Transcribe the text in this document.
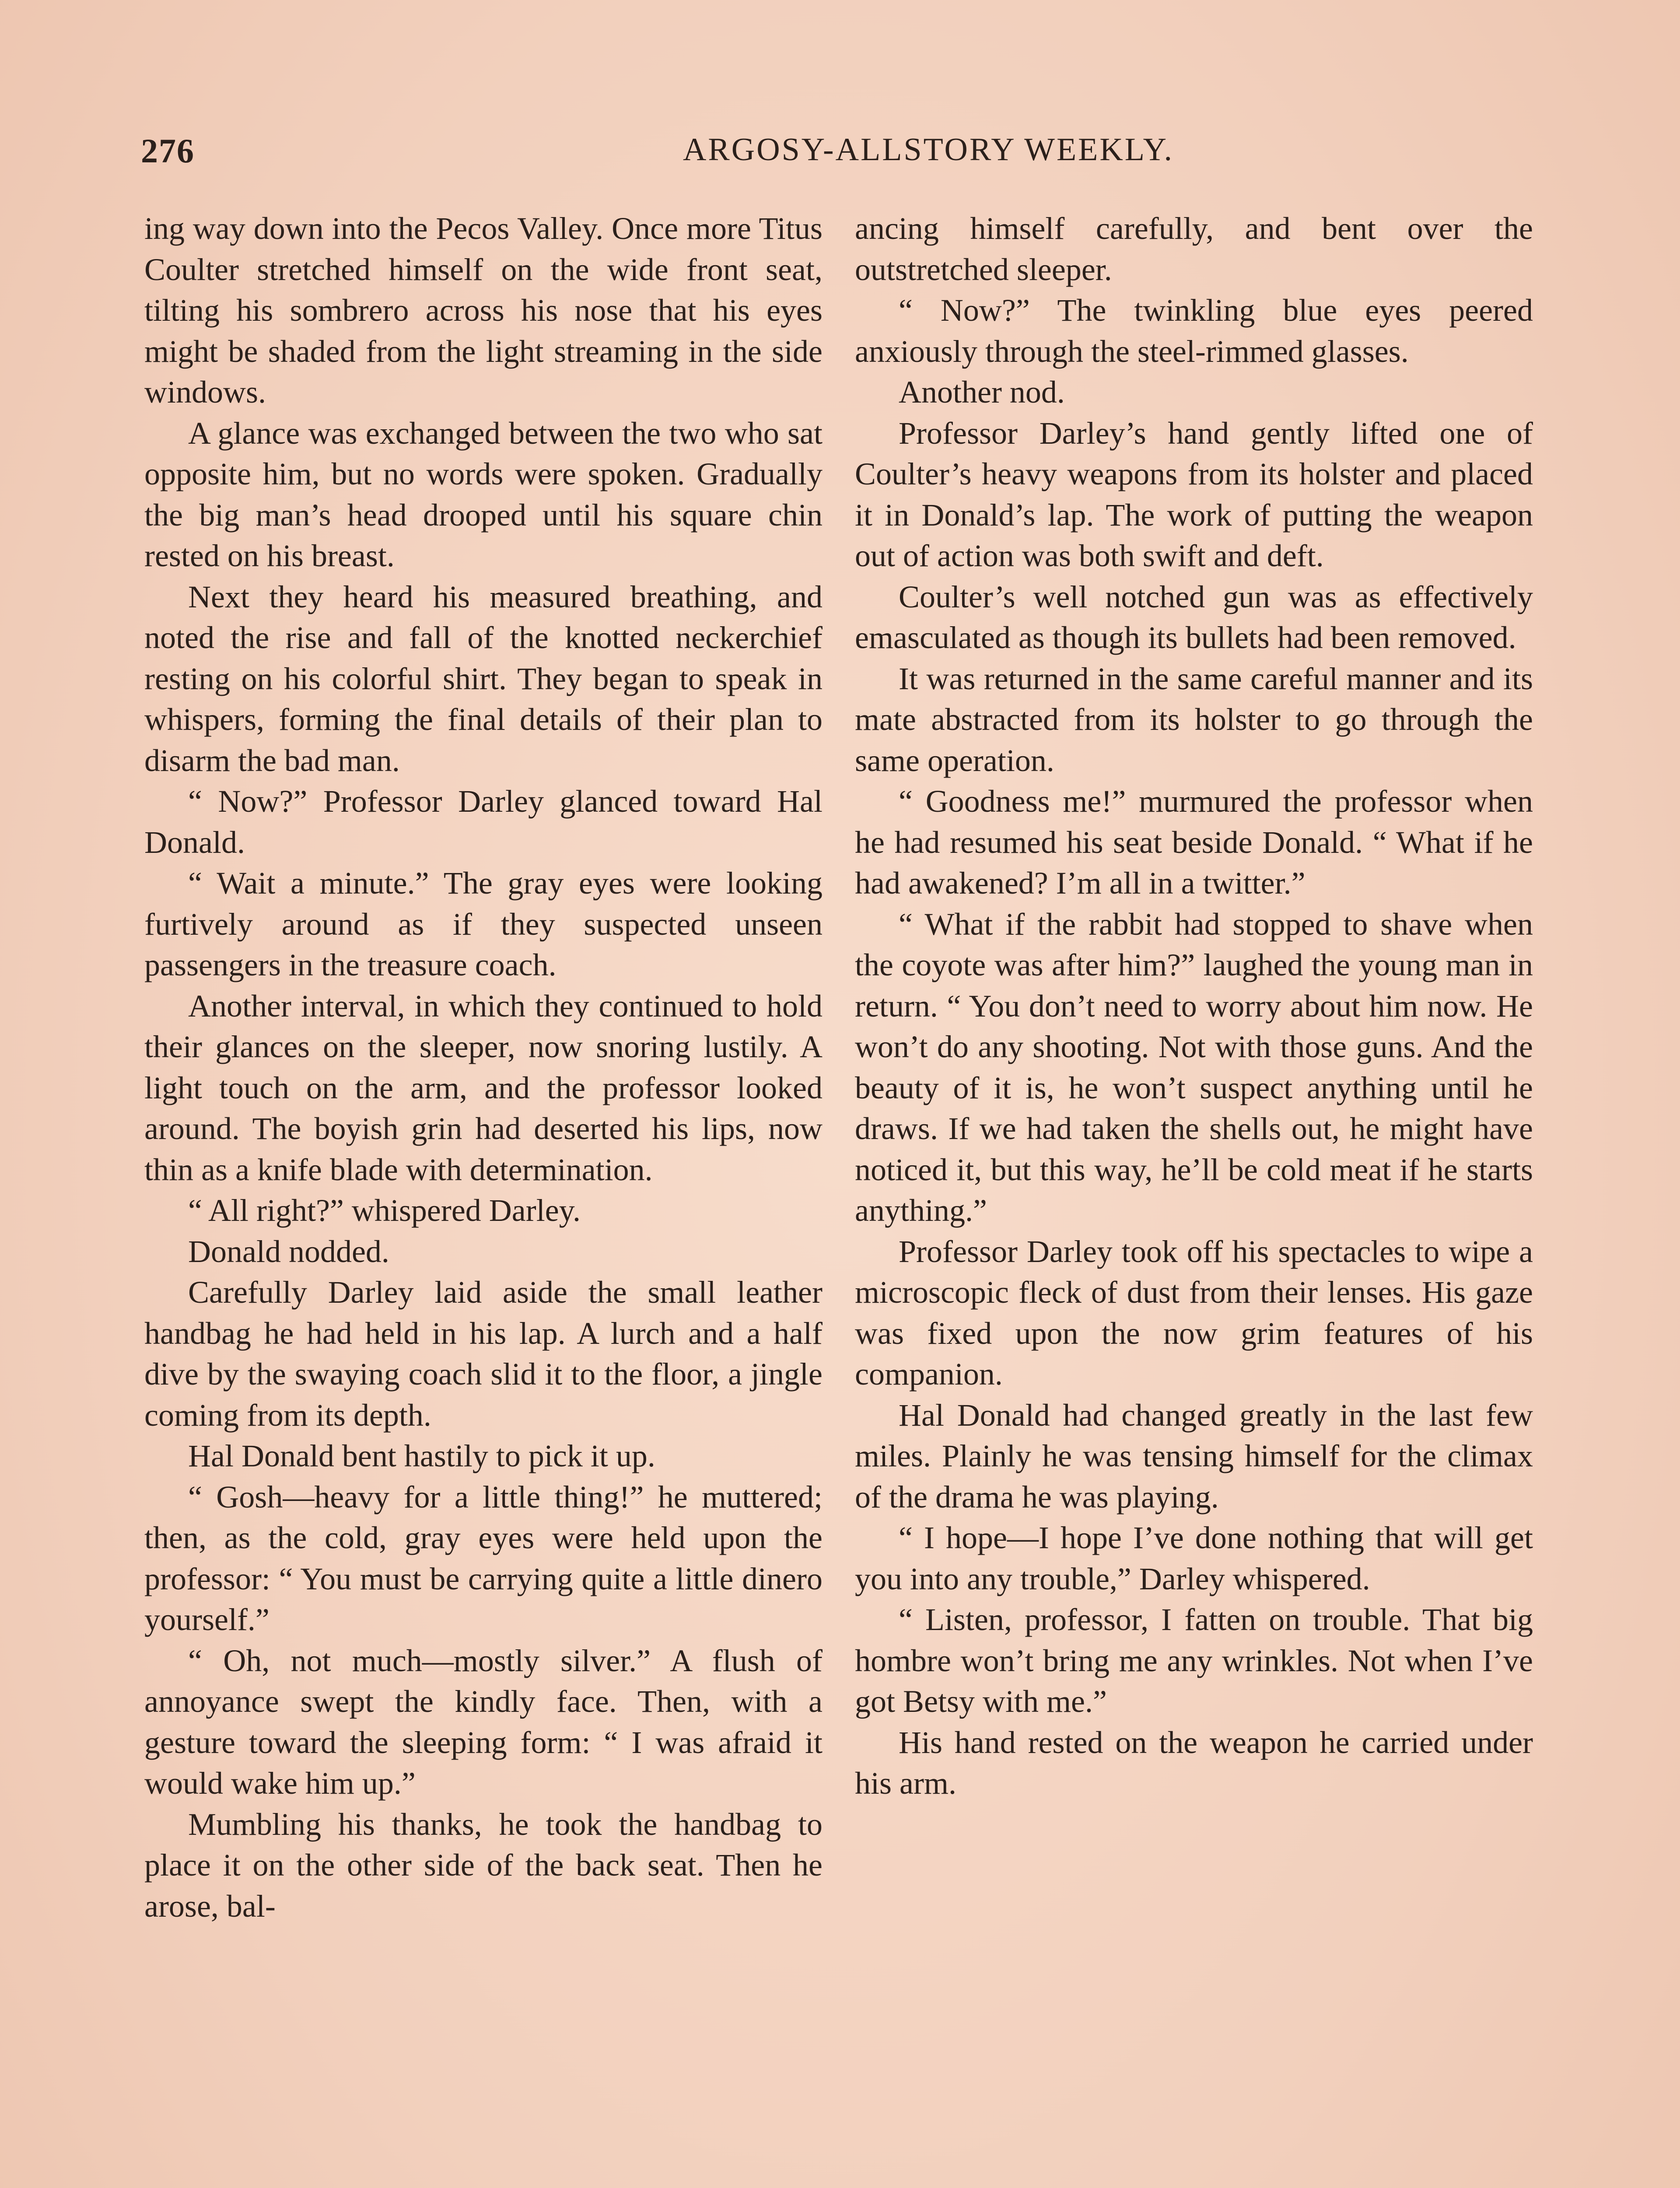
276	ARGOSY-ALLSTORY WEEKLY.

ing way down into the Pecos Valley. Once more Titus Coulter stretched himself on the wide front seat, tilting his sombrero across his nose that his eyes might be shaded from the light streaming in the side windows.

A glance was exchanged between the two who sat opposite him, but no words were spoken. Gradually the big man’s head drooped until his square chin rested on his breast.

Next they heard his measured breathing, and noted the rise and fall of the knotted neckerchief resting on his colorful shirt. They began to speak in whispers, forming the final details of their plan to disarm the bad man.

“ Now?” Professor Darley glanced toward Hal Donald.

“ Wait a minute.” The gray eyes were looking furtively around as if they suspected unseen passengers in the treasure coach.

Another interval, in which they continued to hold their glances on the sleeper, now snoring lustily. A light touch on the arm, and the professor looked around. The boyish grin had deserted his lips, now thin as a knife blade with determination.

“ All right?” whispered Darley.

Donald nodded.

Carefully Darley laid aside the small leather handbag he had held in his lap. A lurch and a half dive by the swaying coach slid it to the floor, a jingle coming from its depth.

Hal Donald bent hastily to pick it up.

“ Gosh—heavy for a little thing!” he muttered; then, as the cold, gray eyes were held upon the professor: “ You must be carrying quite a little dinero yourself.”

“ Oh, not much—mostly silver.” A flush of annoyance swept the kindly face. Then, with a gesture toward the sleeping form: “ I was afraid it would wake him up.”

Mumbling his thanks, he took the handbag to place it on the other side of the back seat. Then he arose, bal-

ancing himself carefully, and bent over the outstretched sleeper.

“ Now?” The twinkling blue eyes peered anxiously through the steel-rimmed glasses.

Another nod.

Professor Darley’s hand gently lifted one of Coulter’s heavy weapons from its holster and placed it in Donald’s lap. The work of putting the weapon out of action was both swift and deft.

Coulter’s well notched gun was as effectively emasculated as though its bullets had been removed.

It was returned in the same careful manner and its mate abstracted from its holster to go through the same operation.

“ Goodness me!” murmured the professor when he had resumed his seat beside Donald. “ What if he had awakened? I’m all in a twitter.”

“ What if the rabbit had stopped to shave when the coyote was after him?” laughed the young man in return. “ You don’t need to worry about him now. He won’t do any shooting. Not with those guns. And the beauty of it is, he won’t suspect anything until he draws. If we had taken the shells out, he might have noticed it, but this way, he’ll be cold meat if he starts anything.”

Professor Darley took off his spectacles to wipe a microscopic fleck of dust from their lenses. His gaze was fixed upon the now grim features of his companion.

Hal Donald had changed greatly in the last few miles. Plainly he was tensing himself for the climax of the drama he was playing.

“ I hope—I hope I’ve done nothing that will get you into any trouble,” Darley whispered.

“ Listen, professor, I fatten on trouble. That big hombre won’t bring me any wrinkles. Not when I’ve got Betsy with me.”

His hand rested on the weapon he carried under his arm.
